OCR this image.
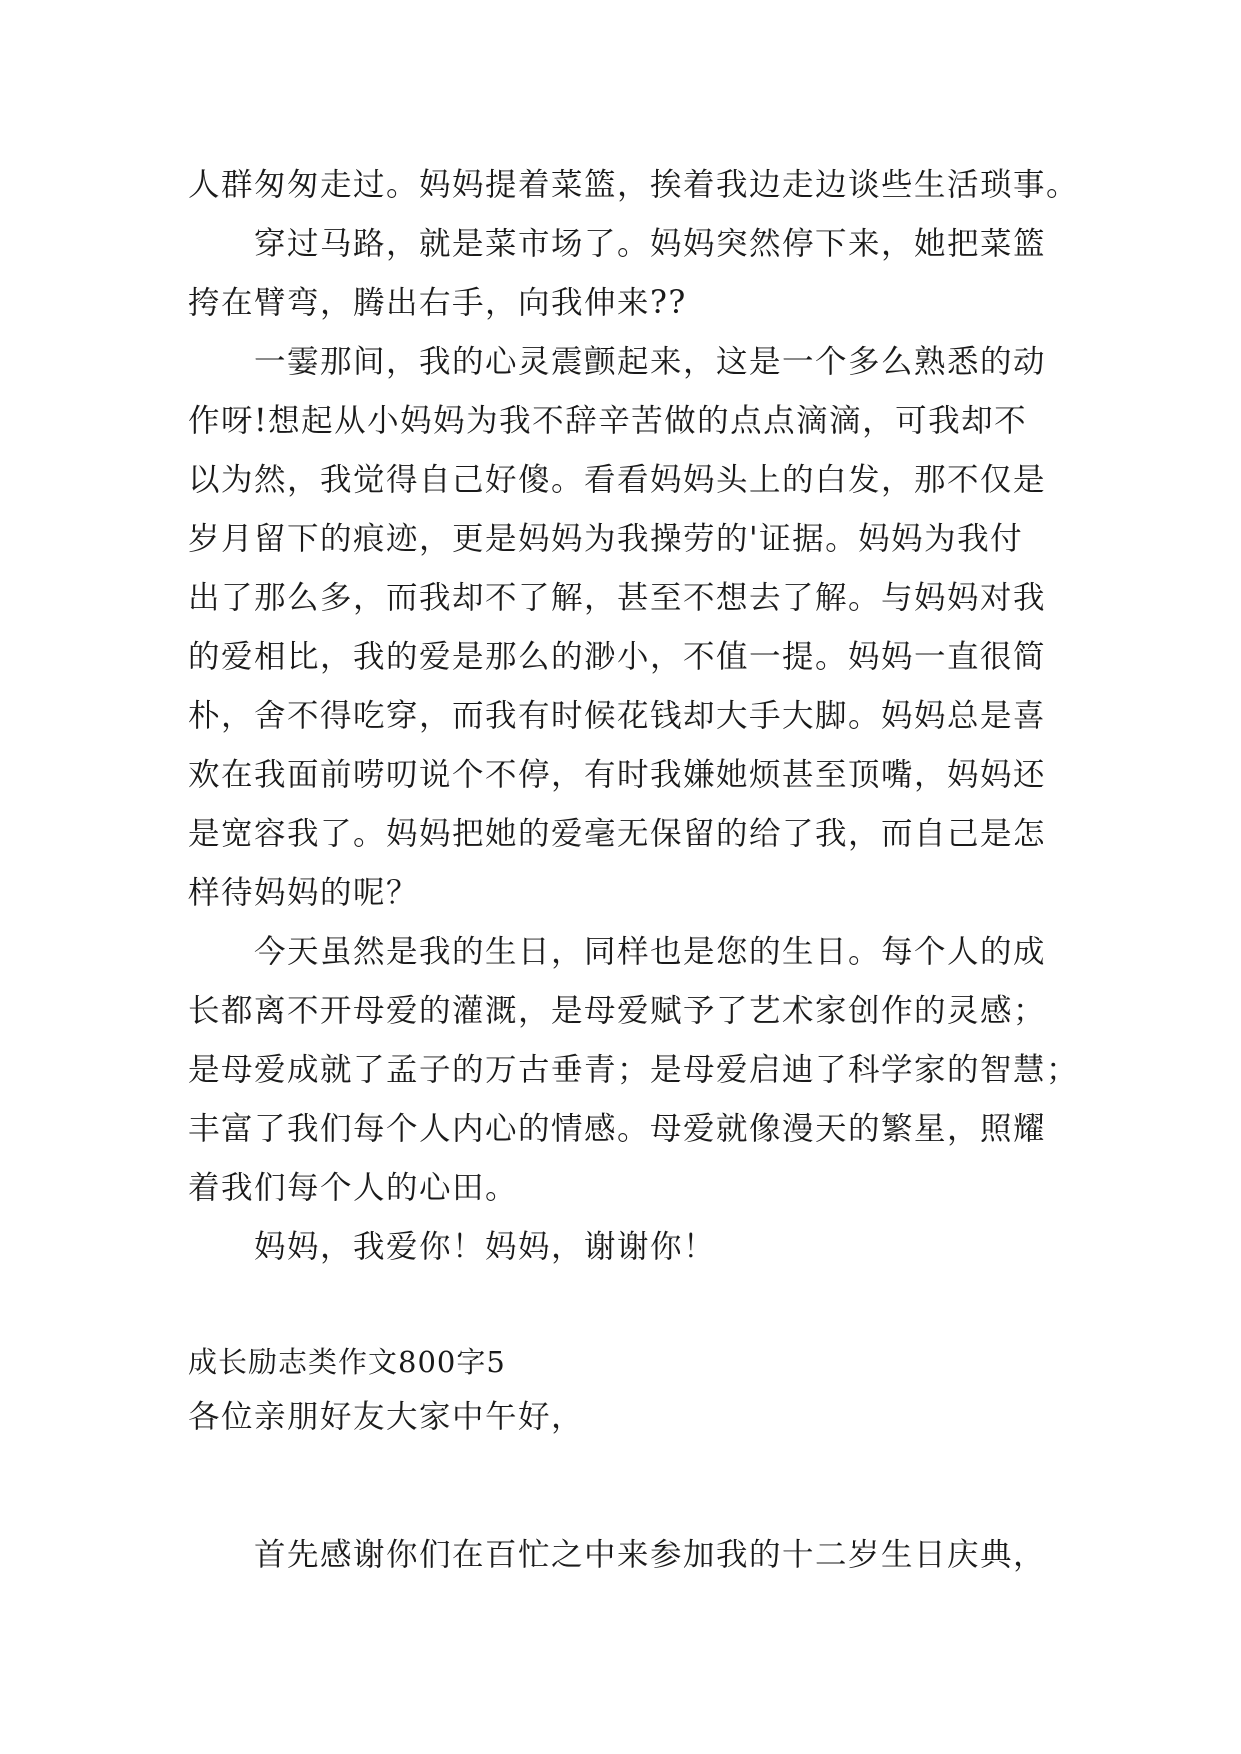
人群匆匆走过。妈妈提着菜篮，挨着我边走边谈些生活琐事。
穿过马路，就是菜市场了。妈妈突然停下来，她把菜篮
挎在臂弯，腾出右手，向我伸来??
一霎那间，我的心灵震颤起来，这是一个多么熟悉的动
作呀!想起从小妈妈为我不辞辛苦做的点点滴滴，可我却不
以为然，我觉得自己好傻。看看妈妈头上的白发，那不仅是
岁月留下的痕迹，更是妈妈为我操劳的'证据。妈妈为我付
出了那么多，而我却不了解，甚至不想去了解。与妈妈对我
的爱相比，我的爱是那么的渺小，不值一提。妈妈一直很简
朴，舍不得吃穿，而我有时候花钱却大手大脚。妈妈总是喜
欢在我面前唠叨说个不停，有时我嫌她烦甚至顶嘴，妈妈还
是宽容我了。妈妈把她的爱毫无保留的给了我，而自己是怎
样待妈妈的呢？
今天虽然是我的生日，同样也是您的生日。每个人的成
长都离不开母爱的灌溉，是母爱赋予了艺术家创作的灵感；
是母爱成就了孟子的万古垂青；是母爱启迪了科学家的智慧；
丰富了我们每个人内心的情感。母爱就像漫天的繁星，照耀
着我们每个人的心田。
妈妈，我爱你！妈妈，谢谢你！
成长励志类作文800字5
各位亲朋好友大家中午好，
首先感谢你们在百忙之中来参加我的十二岁生日庆典，
